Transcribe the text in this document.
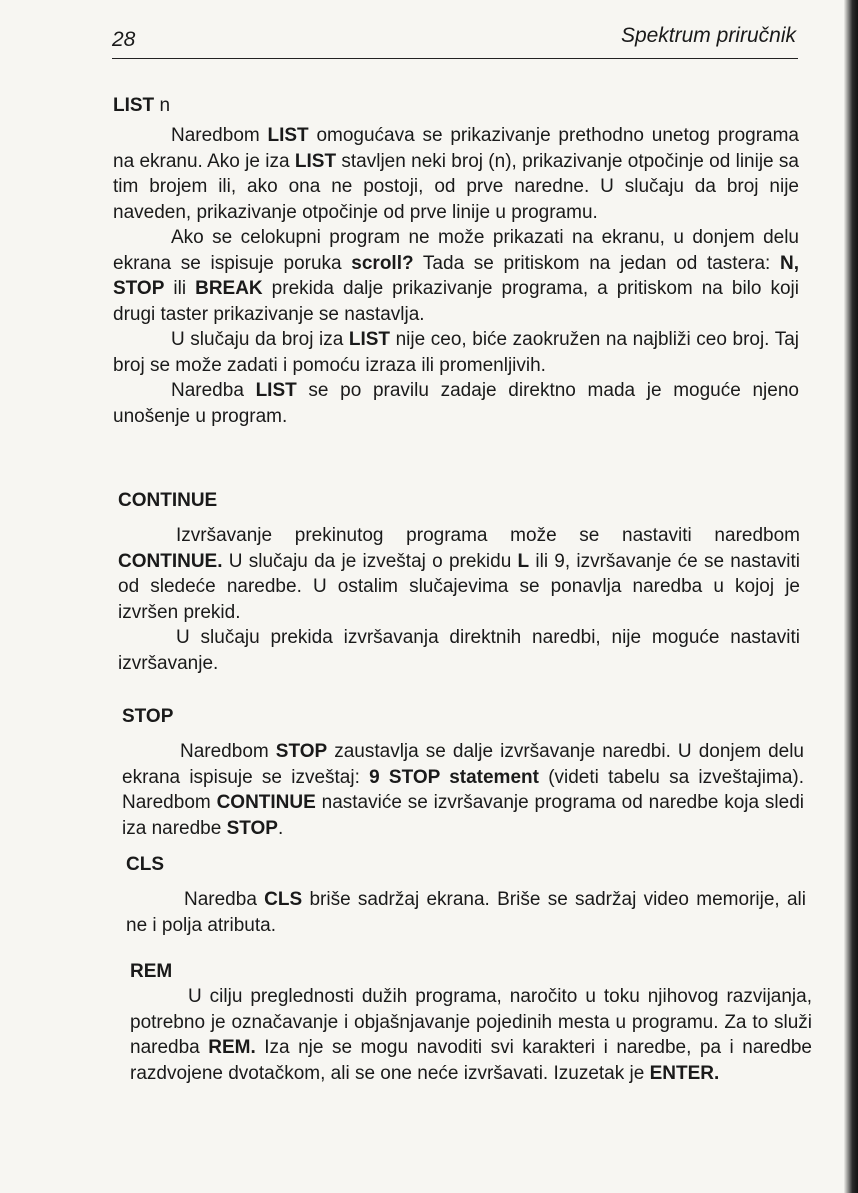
28	Spektrum priručnik

LIST n

Naredbom LIST omogućava se prikazivanje prethodno unetog programa na ekranu. Ako je iza LIST stavljen neki broj (n), prikazivanje otpočinje od linije sa tim brojem ili, ako ona ne postoji, od prve naredne. U slučaju da broj nije naveden, prikazivanje otpočinje od prve linije u programu.

Ako se celokupni program ne može prikazati na ekranu, u donjem delu ekrana se ispisuje poruka scroll? Tada se pritiskom na jedan od tastera: N, STOP ili BREAK prekida dalje prikazivanje programa, a pritiskom na bilo koji drugi taster prikazivanje se nastavlja.

U slučaju da broj iza LIST nije ceo, biće zaokružen na najbliži ceo broj. Taj broj se može zadati i pomoću izraza ili promenljivih.

Naredba LIST se po pravilu zadaje direktno mada je moguće njeno unošenje u program.

CONTINUE

Izvršavanje prekinutog programa može se nastaviti naredbom CONTINUE. U slučaju da je izveštaj o prekidu L ili 9, izvršavanje će se nastaviti od sledeće naredbe. U ostalim slučajevima se ponavlja naredba u kojoj je izvršen prekid.

U slučaju prekida izvršavanja direktnih naredbi, nije moguće nastaviti izvršavanje.

STOP

Naredbom STOP zaustavlja se dalje izvršavanje naredbi. U donjem delu ekrana ispisuje se izveštaj: 9 STOP statement (videti tabelu sa izveštajima). Naredbom CONTINUE nastaviće se izvršavanje programa od naredbe koja sledi iza naredbe STOP.

CLS

Naredba CLS briše sadržaj ekrana. Briše se sadržaj video memorije, ali ne i polja atributa.

REM

U cilju preglednosti dužih programa, naročito u toku njihovog razvijanja, potrebno je označavanje i objašnjavanje pojedinih mesta u programu. Za to služi naredba REM. Iza nje se mogu navoditi svi karakteri i naredbe, pa i naredbe razdvojene dvotačkom, ali se one neće izvršavati. Izuzetak je ENTER.
